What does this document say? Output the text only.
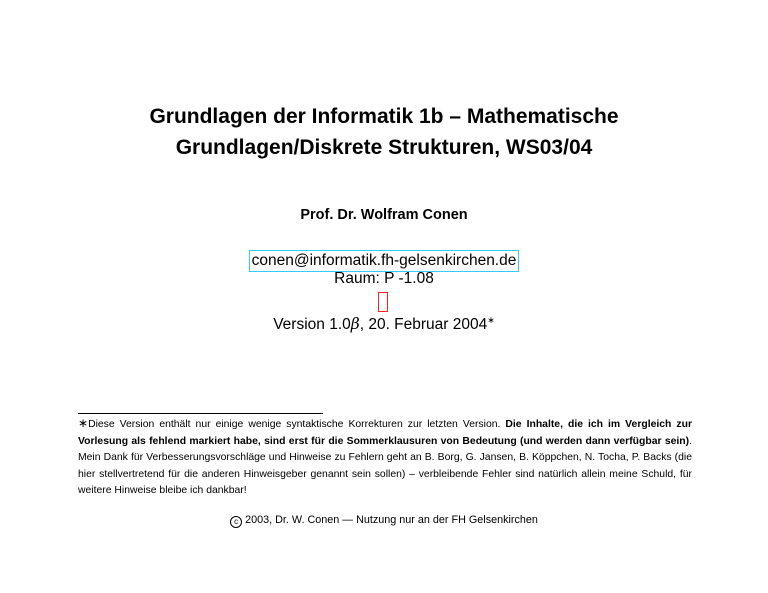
Grundlagen der Informatik 1b – Mathematische
Grundlagen/Diskrete Strukturen, WS03/04
Prof. Dr. Wolfram Conen
conen@informatik.fh-gelsenkirchen.de
Raum: P -1.08
Version 1.0β, 20. Februar 2004∗
∗Diese Version enthält nur einige wenige syntaktische Korrekturen zur letzten Version. Die Inhalte, die ich im Vergleich zur Vorlesung als fehlend markiert habe, sind erst für die Sommerklausuren von Bedeutung (und werden dann verfügbar sein). Mein Dank für Verbesserungsvorschläge und Hinweise zu Fehlern geht an B. Borg, G. Jansen, B. Köppchen, N. Tocha, P. Backs (die hier stellvertretend für die anderen Hinweisgeber genannt sein sollen) – verbleibende Fehler sind natürlich allein meine Schuld, für weitere Hinweise bleibe ich dankbar!
c 2003, Dr. W. Conen — Nutzung nur an der FH Gelsenkirchen
